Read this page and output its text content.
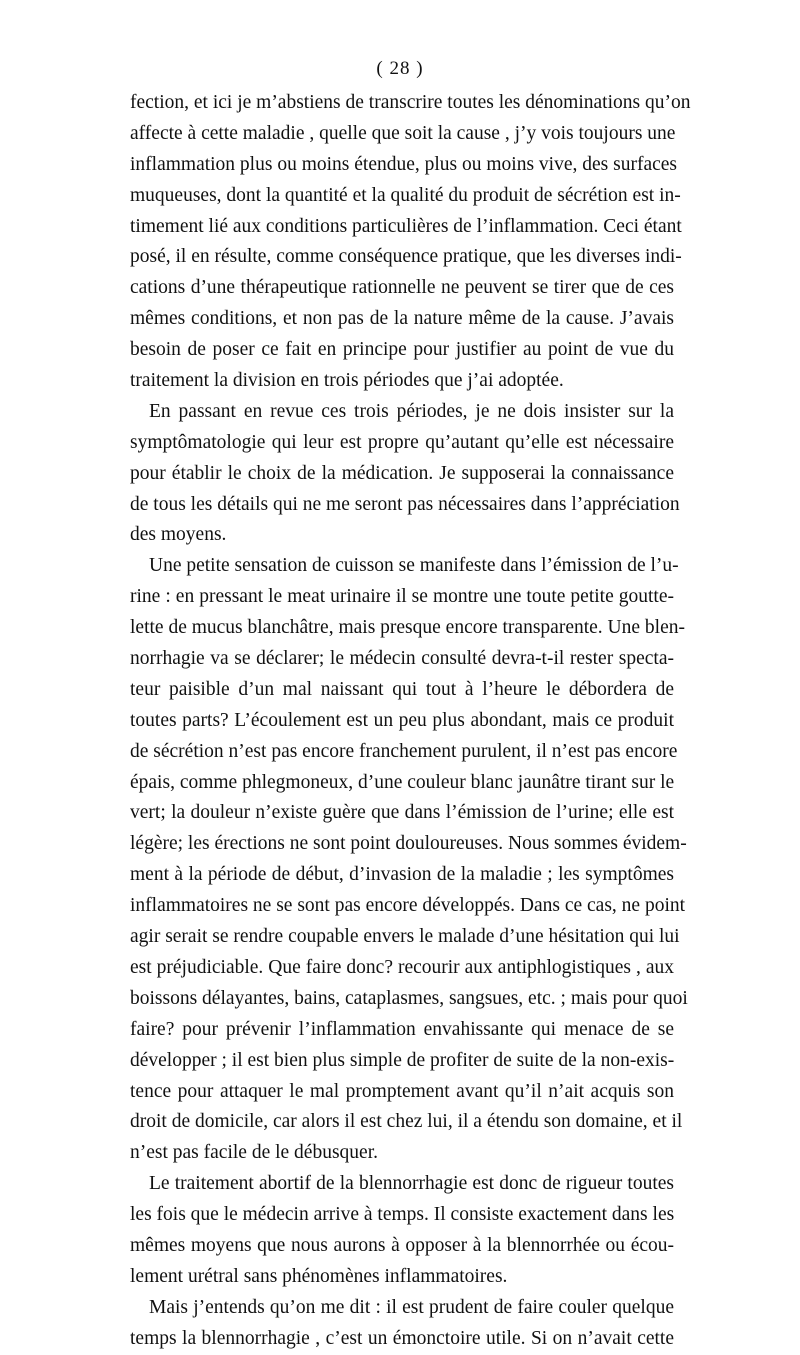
( 28 )
fection, et ici je m’abstiens de transcrire toutes les dénominations qu’on
affecte à cette maladie , quelle que soit la cause , j’y vois toujours une
inflammation plus ou moins étendue, plus ou moins vive, des surfaces
muqueuses, dont la quantité et la qualité du produit de sécrétion est in-
timement lié aux conditions particulières de l’inflammation. Ceci étant
posé, il en résulte, comme conséquence pratique, que les diverses indi-
cations d’une thérapeutique rationnelle ne peuvent se tirer que de ces
mêmes conditions, et non pas de la nature même de la cause. J’avais
besoin de poser ce fait en principe pour justifier au point de vue du
traitement la division en trois périodes que j’ai adoptée.
En passant en revue ces trois périodes, je ne dois insister sur la
symptômatologie qui leur est propre qu’autant qu’elle est nécessaire
pour établir le choix de la médication. Je supposerai la connaissance
de tous les détails qui ne me seront pas nécessaires dans l’appréciation
des moyens.
Une petite sensation de cuisson se manifeste dans l’émission de l’u-
rine : en pressant le meat urinaire il se montre une toute petite goutte-
lette de mucus blanchâtre, mais presque encore transparente. Une blen-
norrhagie va se déclarer; le médecin consulté devra-t-il rester specta-
teur paisible d’un mal naissant qui tout à l’heure le débordera de
toutes parts? L’écoulement est un peu plus abondant, mais ce produit
de sécrétion n’est pas encore franchement purulent, il n’est pas encore
épais, comme phlegmoneux, d’une couleur blanc jaunâtre tirant sur le
vert; la douleur n’existe guère que dans l’émission de l’urine; elle est
légère; les érections ne sont point douloureuses. Nous sommes évidem-
ment à la période de début, d’invasion de la maladie ; les symptômes
inflammatoires ne se sont pas encore développés. Dans ce cas, ne point
agir serait se rendre coupable envers le malade d’une hésitation qui lui
est préjudiciable. Que faire donc? recourir aux antiphlogistiques , aux
boissons délayantes, bains, cataplasmes, sangsues, etc. ; mais pour quoi
faire? pour prévenir l’inflammation envahissante qui menace de se
développer ; il est bien plus simple de profiter de suite de la non-exis-
tence pour attaquer le mal promptement avant qu’il n’ait acquis son
droit de domicile, car alors il est chez lui, il a étendu son domaine, et il
n’est pas facile de le débusquer.
Le traitement abortif de la blennorrhagie est donc de rigueur toutes
les fois que le médecin arrive à temps. Il consiste exactement dans les
mêmes moyens que nous aurons à opposer à la blennorrhée ou écou-
lement urétral sans phénomènes inflammatoires.
Mais j’entends qu’on me dit : il est prudent de faire couler quelque
temps la blennorrhagie , c’est un émonctoire utile. Si on n’avait cette
